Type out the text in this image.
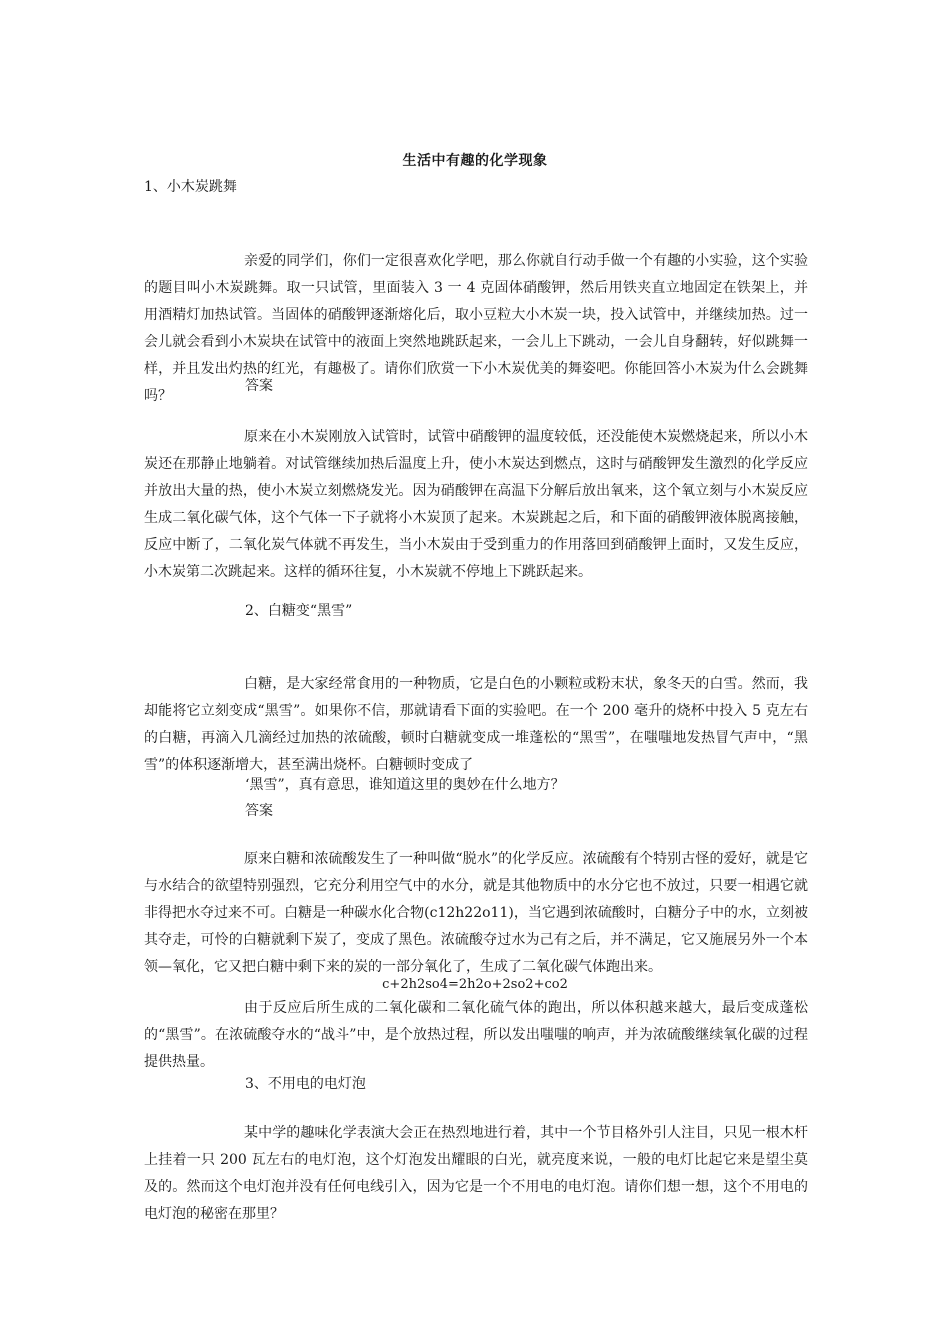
生活中有趣的化学现象
1、小木炭跳舞

亲爱的同学们，你们一定很喜欢化学吧，那么你就自行动手做一个有趣的小实验，这个实验的题目叫小木炭跳舞。取一只试管，里面装入 3 一 4 克固体硝酸钾，然后用铁夹直立地固定在铁架上，并用酒精灯加热试管。当固体的硝酸钾逐渐熔化后，取小豆粒大小木炭一块，投入试管中，并继续加热。过一会儿就会看到小木炭块在试管中的液面上突然地跳跃起来，一会儿上下跳动，一会儿自身翻转，好似跳舞一样，并且发出灼热的红光，有趣极了。请你们欣赏一下小木炭优美的舞姿吧。你能回答小木炭为什么会跳舞吗？

答案

原来在小木炭刚放入试管时，试管中硝酸钾的温度较低，还没能使木炭燃烧起来，所以小木炭还在那静止地躺着。对试管继续加热后温度上升，使小木炭达到燃点，这时与硝酸钾发生激烈的化学反应并放出大量的热，使小木炭立刻燃烧发光。因为硝酸钾在高温下分解后放出氧来，这个氧立刻与小木炭反应生成二氧化碳气体，这个气体一下子就将小木炭顶了起来。木炭跳起之后，和下面的硝酸钾液体脱离接触，反应中断了，二氧化炭气体就不再发生，当小木炭由于受到重力的作用落回到硝酸钾上面时，又发生反应，小木炭第二次跳起来。这样的循环往复，小木炭就不停地上下跳跃起来。

2、白糖变“黑雪”

白糖，是大家经常食用的一种物质，它是白色的小颗粒或粉末状，象冬天的白雪。然而，我却能将它立刻变成“黑雪”。如果你不信，那就请看下面的实验吧。在一个 200 毫升的烧杯中投入 5 克左右的白糖，再滴入几滴经过加热的浓硫酸，顿时白糖就变成一堆蓬松的“黑雪”，在嗤嗤地发热冒气声中，“黑雪”的体积逐渐增大，甚至满出烧杯。白糖顿时变成了

‘黑雪”，真有意思，谁知道这里的奥妙在什么地方？
答案

原来白糖和浓硫酸发生了一种叫做“脱水”的化学反应。浓硫酸有个特别古怪的爱好，就是它与水结合的欲望特别强烈，它充分利用空气中的水分，就是其他物质中的水分它也不放过，只要一相遇它就非得把水夺过来不可。白糖是一种碳水化合物(c12h22o11)，当它遇到浓硫酸时，白糖分子中的水，立刻被其夺走，可怜的白糖就剩下炭了，变成了黑色。浓硫酸夺过水为己有之后，并不满足，它又施展另外一个本领—氧化，它又把白糖中剩下来的炭的一部分氧化了，生成了二氧化碳气体跑出来。

c+2h2so4=2h2o+2so2+co2

由于反应后所生成的二氧化碳和二氧化硫气体的跑出，所以体积越来越大，最后变成蓬松的“黑雪”。在浓硫酸夺水的“战斗”中，是个放热过程，所以发出嗤嗤的响声，并为浓硫酸继续氧化碳的过程提供热量。

3、不用电的电灯泡

某中学的趣味化学表演大会正在热烈地进行着，其中一个节目格外引人注目，只见一根木杆上挂着一只 200 瓦左右的电灯泡，这个灯泡发出耀眼的白光，就亮度来说，一般的电灯比起它来是望尘莫及的。然而这个电灯泡并没有任何电线引入，因为它是一个不用电的电灯泡。请你们想一想，这个不用电的电灯泡的秘密在那里？
